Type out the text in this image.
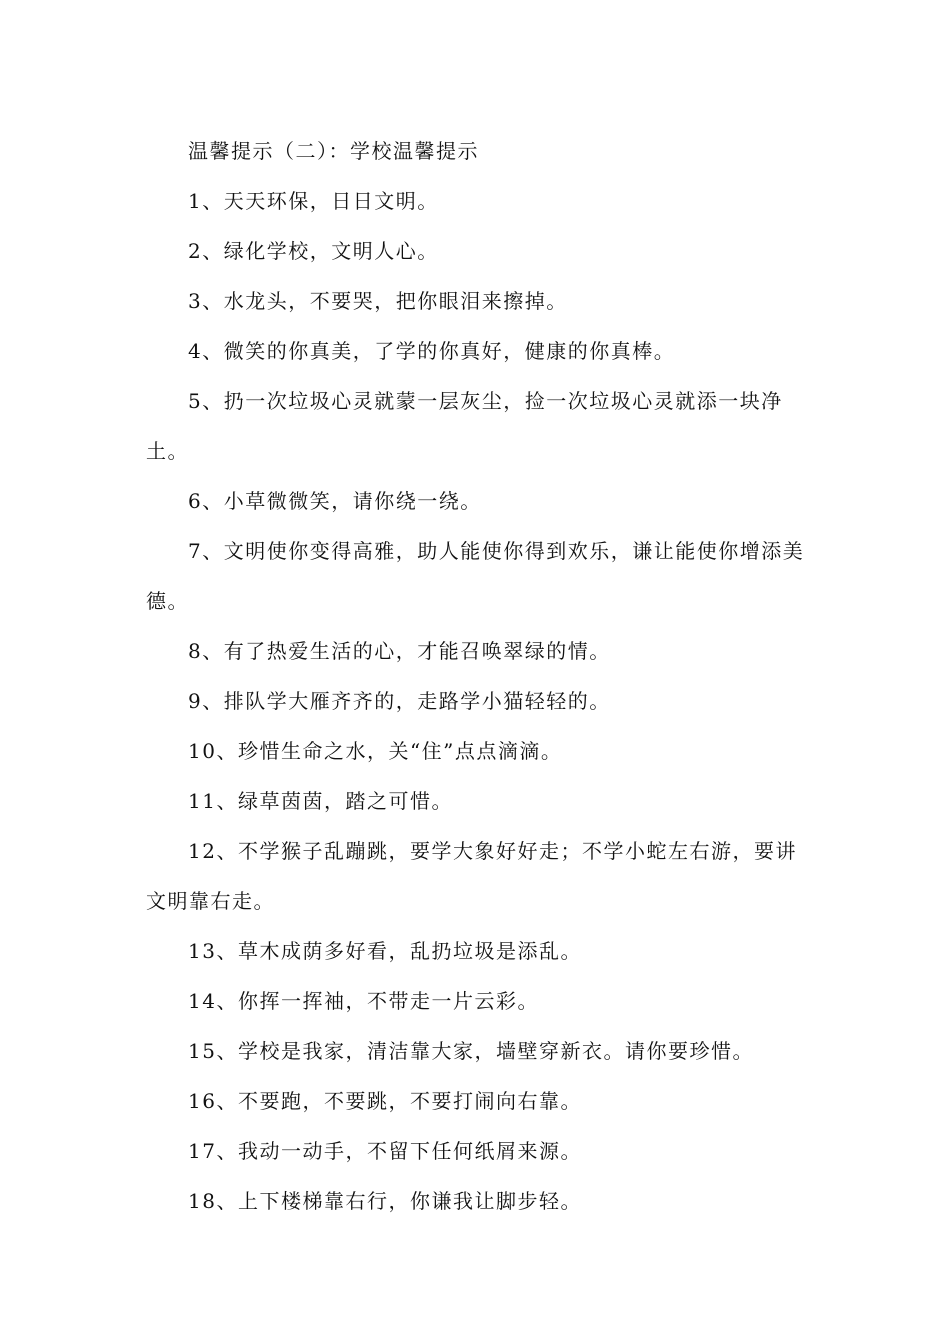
温馨提示（二）：学校温馨提示

1、天天环保，日日文明。

2、绿化学校，文明人心。

3、水龙头，不要哭，把你眼泪来擦掉。

4、微笑的你真美，了学的你真好，健康的你真棒。

5、扔一次垃圾心灵就蒙一层灰尘，捡一次垃圾心灵就添一块净土。

6、小草微微笑，请你绕一绕。

7、文明使你变得高雅，助人能使你得到欢乐，谦让能使你增添美德。

8、有了热爱生活的心，才能召唤翠绿的情。

9、排队学大雁齐齐的，走路学小猫轻轻的。

10、珍惜生命之水，关“住”点点滴滴。

11、绿草茵茵，踏之可惜。

12、不学猴子乱蹦跳，要学大象好好走；不学小蛇左右游，要讲文明靠右走。

13、草木成荫多好看，乱扔垃圾是添乱。

14、你挥一挥袖，不带走一片云彩。

15、学校是我家，清洁靠大家，墙壁穿新衣。请你要珍惜。

16、不要跑，不要跳，不要打闹向右靠。

17、我动一动手，不留下任何纸屑来源。

18、上下楼梯靠右行，你谦我让脚步轻。
